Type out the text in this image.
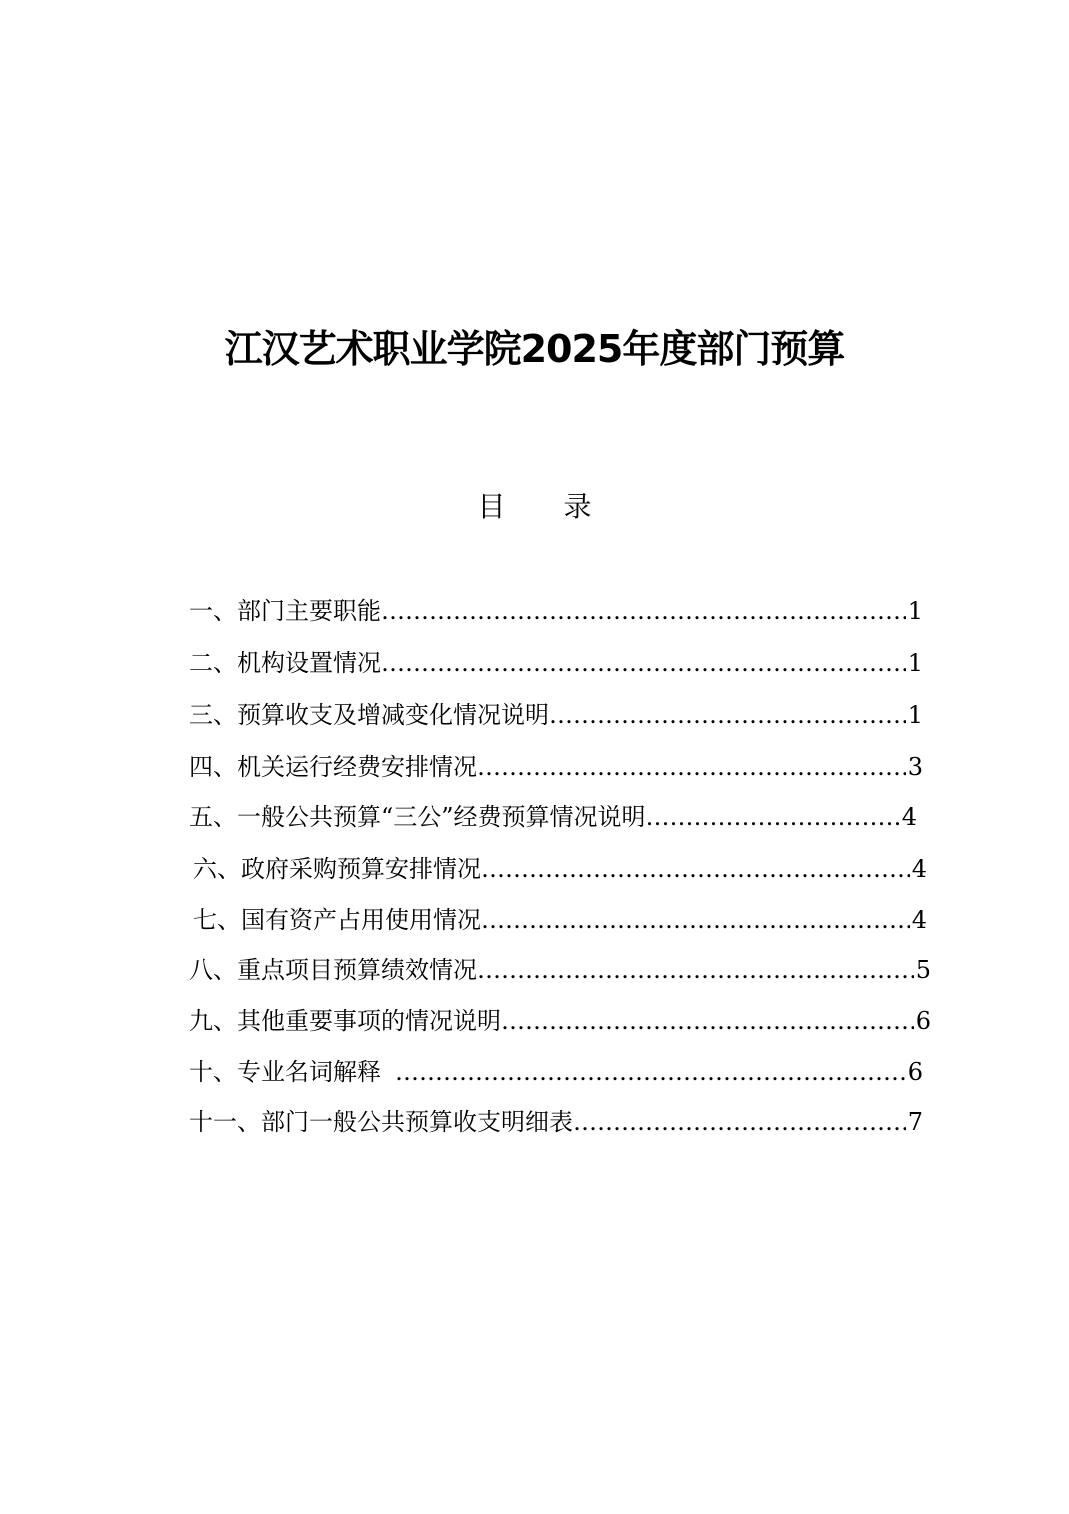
江汉艺术职业学院2025年度部门预算
目 录
一、部门主要职能 ……………………………………………………………………………………………………………………………………	1
二、机构设置情况 ……………………………………………………………………………………………………………………………………	1
三、预算收支及增减变化情况说明 ……………………………………………………………………………………………………………………………………	1
四、机关运行经费安排情况 ……………………………………………………………………………………………………………………………………	3
五、一般公共预算“三公”经费预算情况说明 ……………………………………………………………………………………………………………………………………	4
六、政府采购预算安排情况 ……………………………………………………………………………………………………………………………………	4
七、国有资产占用使用情况 ……………………………………………………………………………………………………………………………………	4
八、重点项目预算绩效情况 ……………………………………………………………………………………………………………………………………	5
九、其他重要事项的情况说明 ……………………………………………………………………………………………………………………………………	6
十、专业名词解释 ……………………………………………………………………………………………………………………………………	6
十一、部门一般公共预算收支明细表 ……………………………………………………………………………………………………………………………………	7
